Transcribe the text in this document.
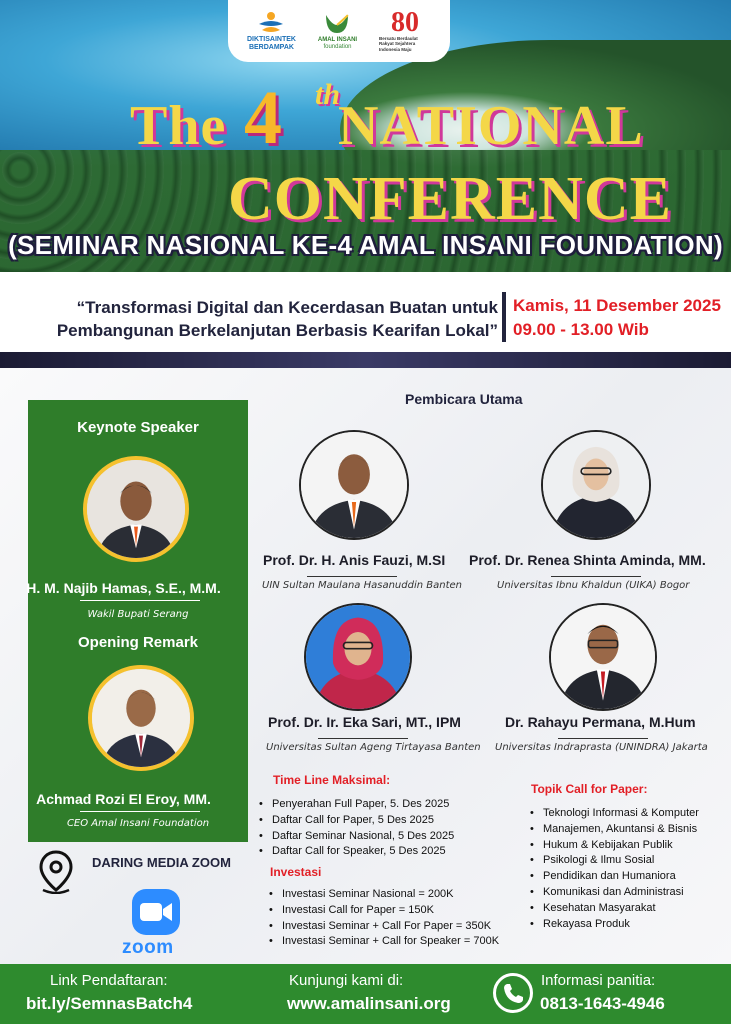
DIKTISAINTEK
BERDAMPAK
AMAL INSANI
foundation
80
Bersatu Berdaulat Rakyat Sejahtera Indonesia Maju
The 4 th
NATIONAL
CONFERENCE
(SEMINAR NASIONAL KE-4 AMAL INSANI FOUNDATION)
“Transformasi Digital dan Kecerdasan Buatan untuk
Pembangunan Berkelanjutan Berbasis Kearifan Lokal”
Kamis, 11 Desember 2025
09.00 - 13.00 Wib
Keynote Speaker
Opening Remark
H. M. Najib Hamas, S.E., M.M.
Wakil Bupati Serang
Achmad Rozi El Eroy, MM.
CEO Amal Insani Foundation
Pembicara Utama
Prof. Dr. H. Anis Fauzi, M.SI
UIN Sultan Maulana Hasanuddin Banten
Prof. Dr. Renea Shinta Aminda, MM.
Universitas Ibnu Khaldun (UIKA) Bogor
Prof. Dr. Ir. Eka Sari, MT., IPM
Universitas Sultan Ageng Tirtayasa Banten
Dr. Rahayu Permana, M.Hum
Universitas Indraprasta (UNINDRA) Jakarta
Time Line Maksimal:
• Penyerahan Full Paper, 5. Des 2025
• Daftar Call for Paper, 5 Des 2025
• Daftar Seminar Nasional, 5 Des 2025
• Daftar Call for Speaker, 5 Des 2025
Investasi
• Investasi Seminar Nasional = 200K
• Investasi Call for Paper = 150K
• Investasi Seminar + Call For Paper = 350K
• Investasi Seminar + Call for Speaker = 700K
Topik Call for Paper:
• Teknologi Informasi & Komputer
• Manajemen, Akuntansi & Bisnis
• Hukum & Kebijakan Publik
• Psikologi & Ilmu Sosial
• Pendidikan dan Humaniora
• Komunikasi dan Administrasi
• Kesehatan Masyarakat
• Rekayasa Produk
DARING MEDIA ZOOM
zoom
Link Pendaftaran:
bit.ly/SemnasBatch4
Kunjungi kami di:
www.amalinsani.org
Informasi panitia:
0813-1643-4946
